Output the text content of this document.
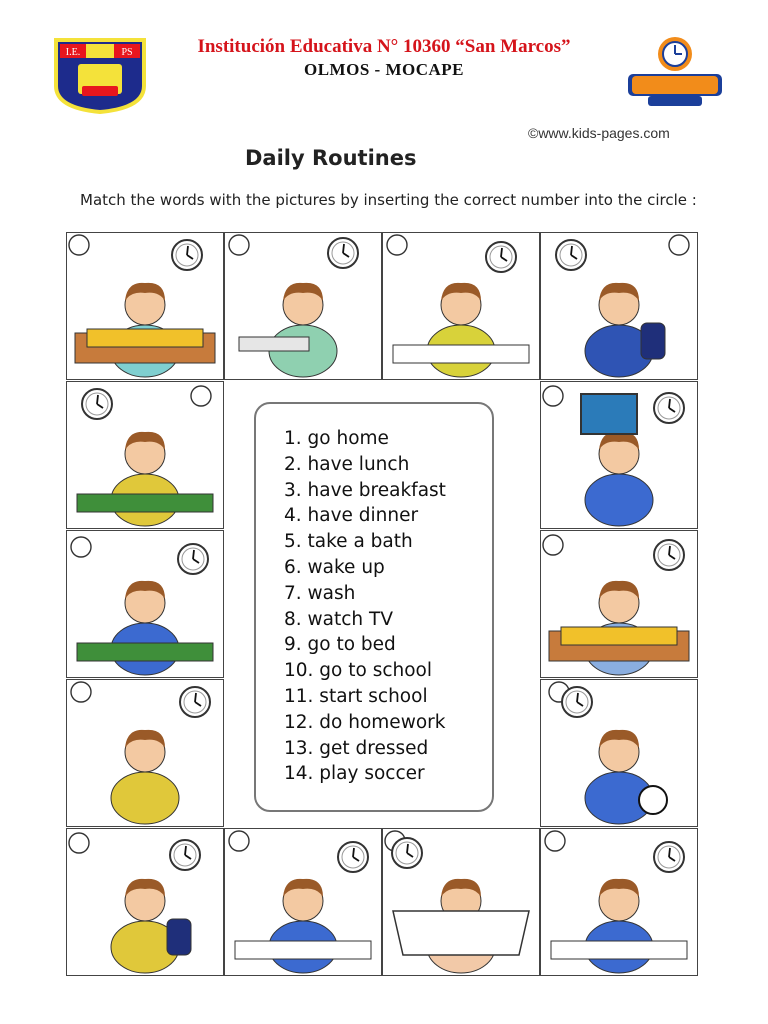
I.E.	PS	Institución Educativa N° 10360 “San Marcos”
OLMOS - MOCAPE
©www.kids-pages.com
Daily Routines
Match the words with the pictures by inserting the correct number into the circle :
1. go home
2. have lunch
3. have breakfast
4. have dinner
5. take a bath
6. wake up
7. wash
8. watch TV
9. go to bed
10. go to school
11. start school
12. do homework
13. get dressed
14. play soccer
